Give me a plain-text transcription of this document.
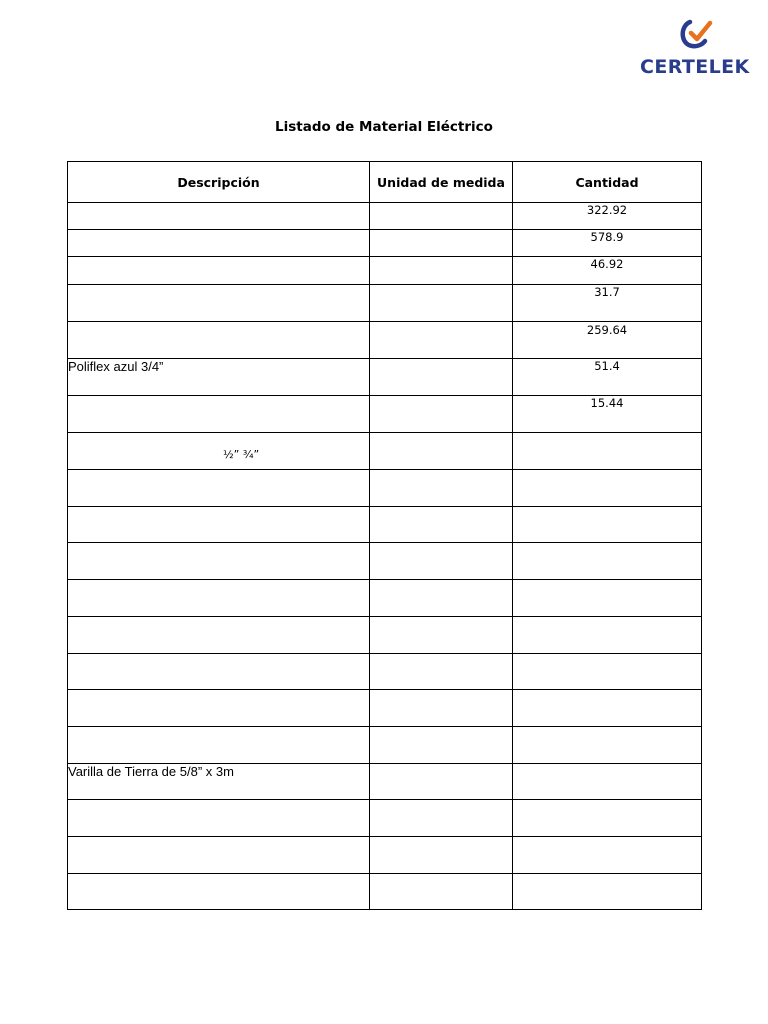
CERTELEK
Listado de Material Eléctrico
Descripción	Unidad de medida	Cantidad
		322.92
		578.9
		46.92
		31.7

		259.64

Poliflex azul 3/4”		51.4
		15.44
½” ¾”		

Varilla de Tierra de 5/8” x 3m		
